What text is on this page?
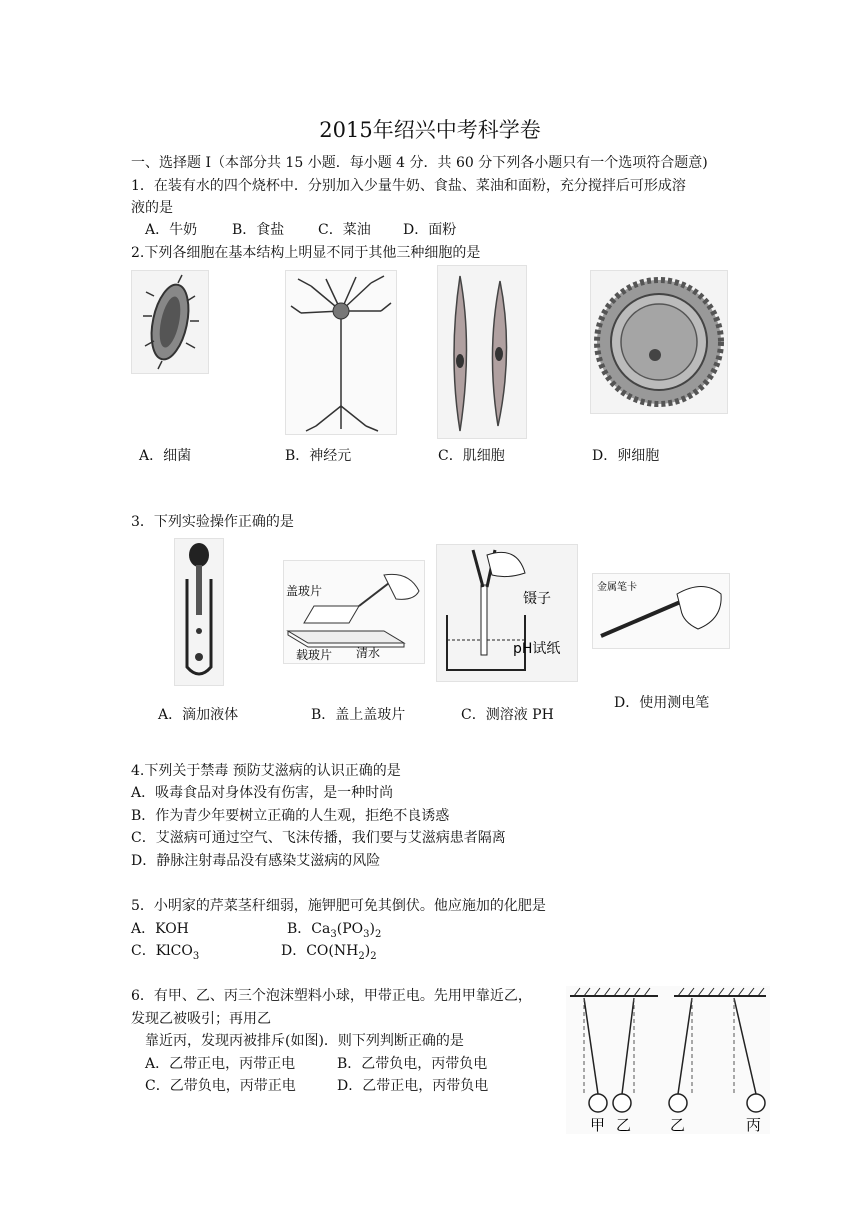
2015年绍兴中考科学卷
一、选择题 I（本部分共 15 小题．每小题 4 分．共 60 分下列各小题只有一个选项符合题意)
1．在装有水的四个烧杯中．分别加入少量牛奶、食盐、菜油和面粉，充分搅拌后可形成溶
液的是
A．牛奶 B．食盐 C．菜油 D．面粉
2.下列各细胞在基本结构上明显不同于其他三种细胞的是
A．细菌	B．神经元	C．肌细胞	D．卵细胞
3．下列实验操作正确的是
盖玻片
载玻片 清水
镊子
pH试纸
金属笔卡
A．滴加液体	B．盖上盖玻片	C．测溶液 PH
D．使用测电笔
4.下列关于禁毒 预防艾滋病的认识正确的是
A．吸毒食品对身体没有伤害，是一种时尚
B．作为青少年要树立正确的人生观，拒绝不良诱惑
C．艾滋病可通过空气、飞沫传播，我们要与艾滋病患者隔离
D．静脉注射毒品没有感染艾滋病的风险
5．小明家的芹菜茎秆细弱，施钾肥可免其倒伏。他应施加的化肥是
A．KOH	B．$Ca_3(PO_3)_2$
C．KlCO$_3$	D．$CO(NH_2)_2$
6．有甲、乙、丙三个泡沫塑料小球，甲带正电。先用甲靠近乙，
发现乙被吸引；再用乙
靠近丙，发现丙被排斥(如图)．则下列判断正确的是
A．乙带正电，丙带正电	B．乙带负电，丙带负电
C．乙带负电，丙带正电	D．乙带正电，丙带负电
甲 乙	乙	丙
